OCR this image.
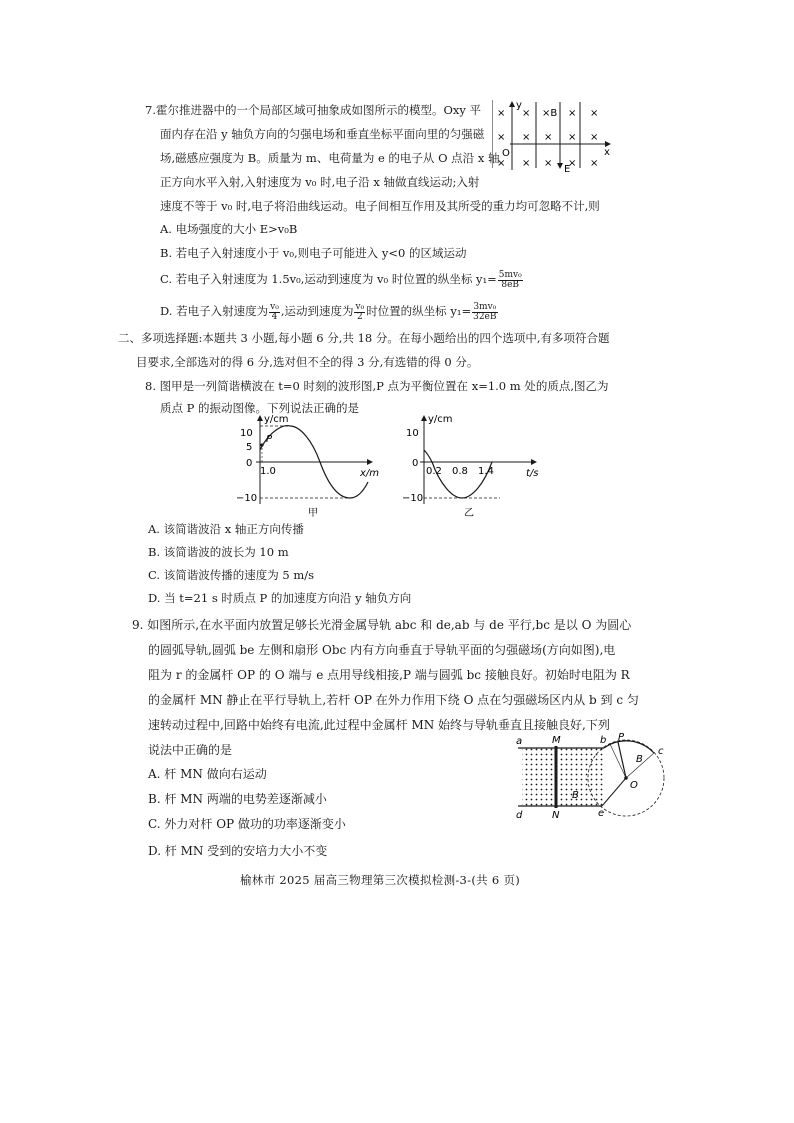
7.霍尔推进器中的一个局部区域可抽象成如图所示的模型。Oxy 平
面内存在沿 y 轴负方向的匀强电场和垂直坐标平面向里的匀强磁
场,磁感应强度为 B。质量为 m、电荷量为 e 的电子从 O 点沿 x 轴
正方向水平入射,入射速度为 v₀ 时,电子沿 x 轴做直线运动;入射
速度不等于 v₀ 时,电子将沿曲线运动。电子间相互作用及其所受的重力均可忽略不计,则
A. 电场强度的大小 E>v₀B
B. 若电子入射速度小于 v₀,则电子可能进入 y<0 的区域运动
C. 若电子入射速度为 1.5v₀,运动到速度为 v₀ 时位置的纵坐标 $y_1= \frac{\text{5mv₀}}{8eB}$
D. 若电子入射速度为 $\frac{\text{v₀}}{4}$ ,运动到速度为 $\frac{\text{v₀}}{2}$ 时位置的纵坐标 $y_1= \frac{\text{3mv₀}}{32eB}$
y
x
O
×B
E
× ×	× ×
× × × × ×
× × × × ×
二、多项选择题:本题共 3 小题,每小题 6 分,共 18 分。在每小题给出的四个选项中,有多项符合题
目要求,全部选对的得 6 分,选对但不全的得 3 分,有选错的得 0 分。
8. 图甲是一列简谐横波在 t=0 时刻的波形图,P 点为平衡位置在 x=1.0 m 处的质点,图乙为
质点 P 的振动图像。下列说法正确的是
y/cm
x/m
10
5
0
−10
1.0
P
甲
y/cm
t/s
10
0
−10
0.2 0.8 1.4
乙
A. 该简谐波沿 x 轴正方向传播
B. 该简谐波的波长为 10 m
C. 该简谐波传播的速度为 5 m/s
D. 当 t=21 s 时质点 P 的加速度方向沿 y 轴负方向
9. 如图所示,在水平面内放置足够长光滑金属导轨 abc 和 de,ab 与 de 平行,bc 是以 O 为圆心
的圆弧导轨,圆弧 be 左侧和扇形 Obc 内有方向垂直于导轨平面的匀强磁场(方向如图),电
阻为 r 的金属杆 OP 的 O 端与 e 点用导线相接,P 端与圆弧 bc 接触良好。初始时电阻为 R
的金属杆 MN 静止在平行导轨上,若杆 OP 在外力作用下绕 O 点在匀强磁场区内从 b 到 c 匀
速转动过程中,回路中始终有电流,此过程中金属杆 MN 始终与导轨垂直且接触良好,下列
说法中正确的是
A. 杆 MN 做向右运动
B. 杆 MN 两端的电势差逐渐减小
C. 外力对杆 OP 做功的功率逐渐变小
D. 杆 MN 受到的安培力大小不变
a	M	b P
c
d	N	e
O
B
B
榆林市 2025 届高三物理第三次模拟检测-3-(共 6 页)
